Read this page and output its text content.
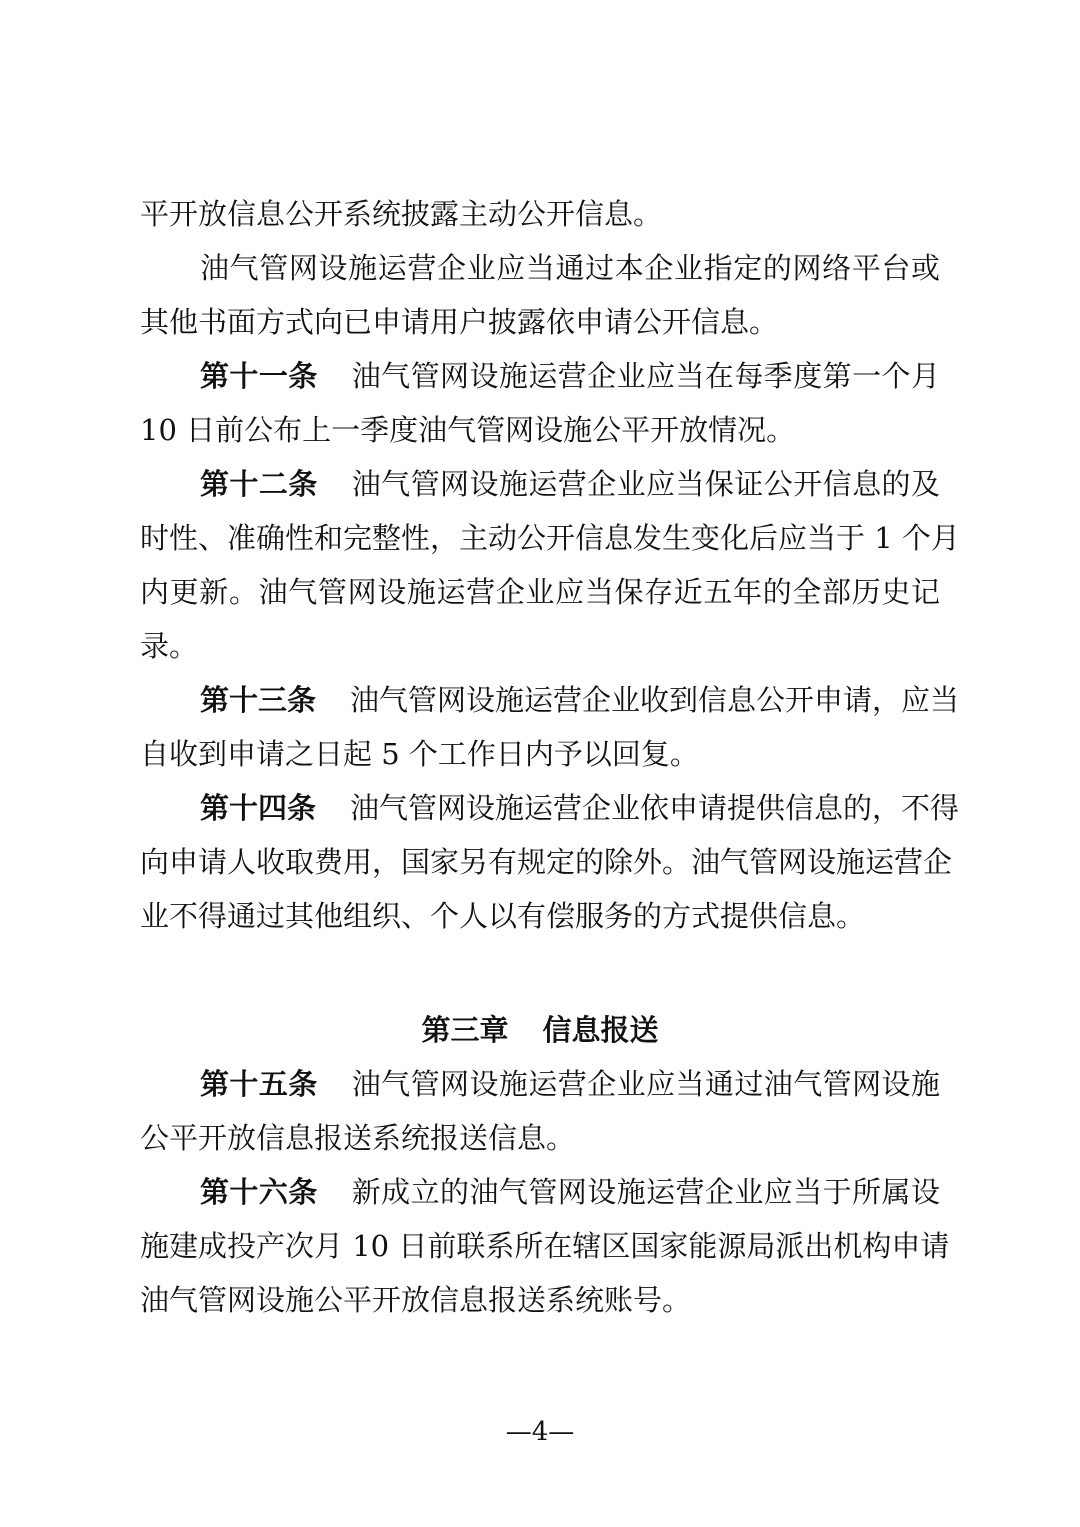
平开放信息公开系统披露主动公开信息。
油气管网设施运营企业应当通过本企业指定的网络平台或
其他书面方式向已申请用户披露依申请公开信息。
第十一条 油气管网设施运营企业应当在每季度第一个月
10 日前公布上一季度油气管网设施公平开放情况。
第十二条 油气管网设施运营企业应当保证公开信息的及
时性、准确性和完整性，主动公开信息发生变化后应当于 1 个月
内更新。油气管网设施运营企业应当保存近五年的全部历史记
录。
第十三条 油气管网设施运营企业收到信息公开申请，应当
自收到申请之日起 5 个工作日内予以回复。
第十四条 油气管网设施运营企业依申请提供信息的，不得
向申请人收取费用，国家另有规定的除外。油气管网设施运营企
业不得通过其他组织、个人以有偿服务的方式提供信息。
第三章 信息报送
第十五条 油气管网设施运营企业应当通过油气管网设施
公平开放信息报送系统报送信息。
第十六条 新成立的油气管网设施运营企业应当于所属设
施建成投产次月 10 日前联系所在辖区国家能源局派出机构申请
油气管网设施公平开放信息报送系统账号。
—4—
